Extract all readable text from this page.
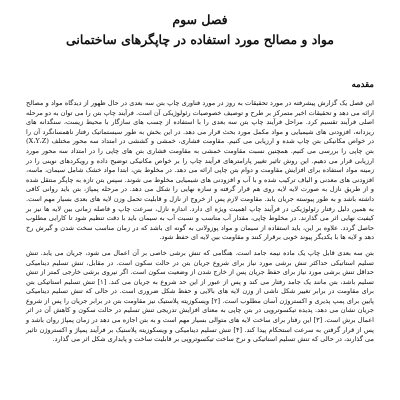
فصل سوم
مواد و مصالح مورد استفاده در چاپگرهای ساختمانی
مقدمه

این فصل یک گزارش پیشرفته در مورد تحقیقات به روز در مورد فناوری چاپ بتن سه بعدی در حال ظهور از دیدگاه مواد و مصالح ارائه می دهد و تحقیقات اخیر متمرکز بر طرح و توصیف خصوصیات رئولوژیکی آن است. فرآیند چاپ بتن را می توان به دو مرحله اصلی فرآیند تقسیم کرد. مراحل فرآیند چاپ بتن سه بعدی را با استفاده از چسب های سازگار با محیط زیست، سنگدانه های ریزدانه، افزودنی های شیمیایی و مواد مکمل مورد بحث قرار می دهد. در این بخش به طور سیستماتیک رفتار ناهمسانگرد آن را در خواص مکانیکی بتن چاپ شده و ارزیابی می کنیم. مقاومت فشاری، خمشی و کششی در امتداد سه محور مختلف (X،Y،Z) بتن چاپی را بررسی می کنیم. همچنین نسبت مقاومت خمشی به مقاومت فشاری بتن های چاپی را در امتداد سه محور مورد ارزیابی قرار می دهیم. این روش تاثیر تغییر پارامترهای فرآیند چاپ را بر خواص مکانیکی توضیح داده و رویکردهای نوینی را در زمینه مواد استفاده برای افزایش مقاومت و دوام بتن چاپی ارائه می دهد. در مخلوط بتن، ابتدا مواد خشک شامل سیمان، ماسه، افزودنی های معدنی و الیاف ترکیب شده و با آب و افزودنی های شیمیایی مخلوط می شوند. سپس بتن تازه به چاپگر منتقل شده و از طریق نازل به صورت لایه لایه روی هم قرار گرفته و سازه نهایی را شکل می دهد. در مرحله پمپاژ، بتن باید روانی کافی داشته باشد و به طور پیوسته جریان یابد. مقاومت لازم پس از خروج از نازل و قابلیت تحمل وزن لایه های بعدی بسیار مهم است. به همین دلیل رفتار رئولوژیکی در فرآیند چاپ اهمیت ویژه ای دارد. اندازه نازل، سرعت چاپ و فاصله زمانی بین لایه ها نیز بر کیفیت نهایی اثر می گذارند. در مخلوط چاپی، مقدار آب مناسب و نسبت آب به سیمان باید با دقت تنظیم شود تا کارایی مطلوب حاصل گردد. علاوه بر این، باید استفاده از سیمان و مواد پوزولانی به گونه ای باشد که در زمان مناسب سخت شدن و گیرش رخ دهد و لایه ها با یکدیگر پیوند خوبی برقرار کنند و مقاومت بین لایه ای حفظ شود.

بتن سه بعدی قابل چاپ یک ماده نیمه جامد است. هنگامی که تنش برشی خاصی بر آن اعمال می شود، جریان می یابد. تنش تسلیم استاتیکی حداکثر تنش برشی مورد نیاز برای شروع جریان بتن در حالت سکون است. در مقابل، تنش تسلیم دینامیکی حداقل تنش برشی مورد نیاز برای حفظ جریان پس از خارج شدن از وضعیت سکون است. اگر نیروی برشی خارجی کمتر از تنش تسلیم باشد، بتن مانند یک جامد رفتار می کند و پس از عبور از این حد شروع به جریان می کند. [۱] تنش تسلیم استاتیکی بتن برای مقاومت در برابر تغییر شکل ناشی از وزن لایه های بالایی و حفظ شکل ضروری است. در حالی که تنش تسلیم دینامیکی پایین برای پمپ پذیری و اکستروژن آسان مطلوب است. [۲] ویسکوزیته پلاستیک نیز مقاومت بتن در برابر جریان را پس از شروع جریان نشان می دهد. پدیده تیکسوتروپی در بتن چاپی به معنای افزایش تدریجی تنش تسلیم در حالت سکون و کاهش آن در اثر اعمال برش است. [۳] این رفتار برای ساخت لایه های متوالی بسیار مهم است و به بتن اجازه می دهد در زمان پمپاژ روان باشد و پس از قرار گرفتن به سرعت استحکام پیدا کند. [۴] تنش تسلیم دینامیکی و ویسکوزیته پلاستیک بر فرآیند پمپاژ و اکستروژن تاثیر می گذارند، در حالی که تنش تسلیم استاتیکی و نرخ ساخت تیکسوتروپی بر قابلیت ساخت و پایداری شکل اثر می گذارد.
